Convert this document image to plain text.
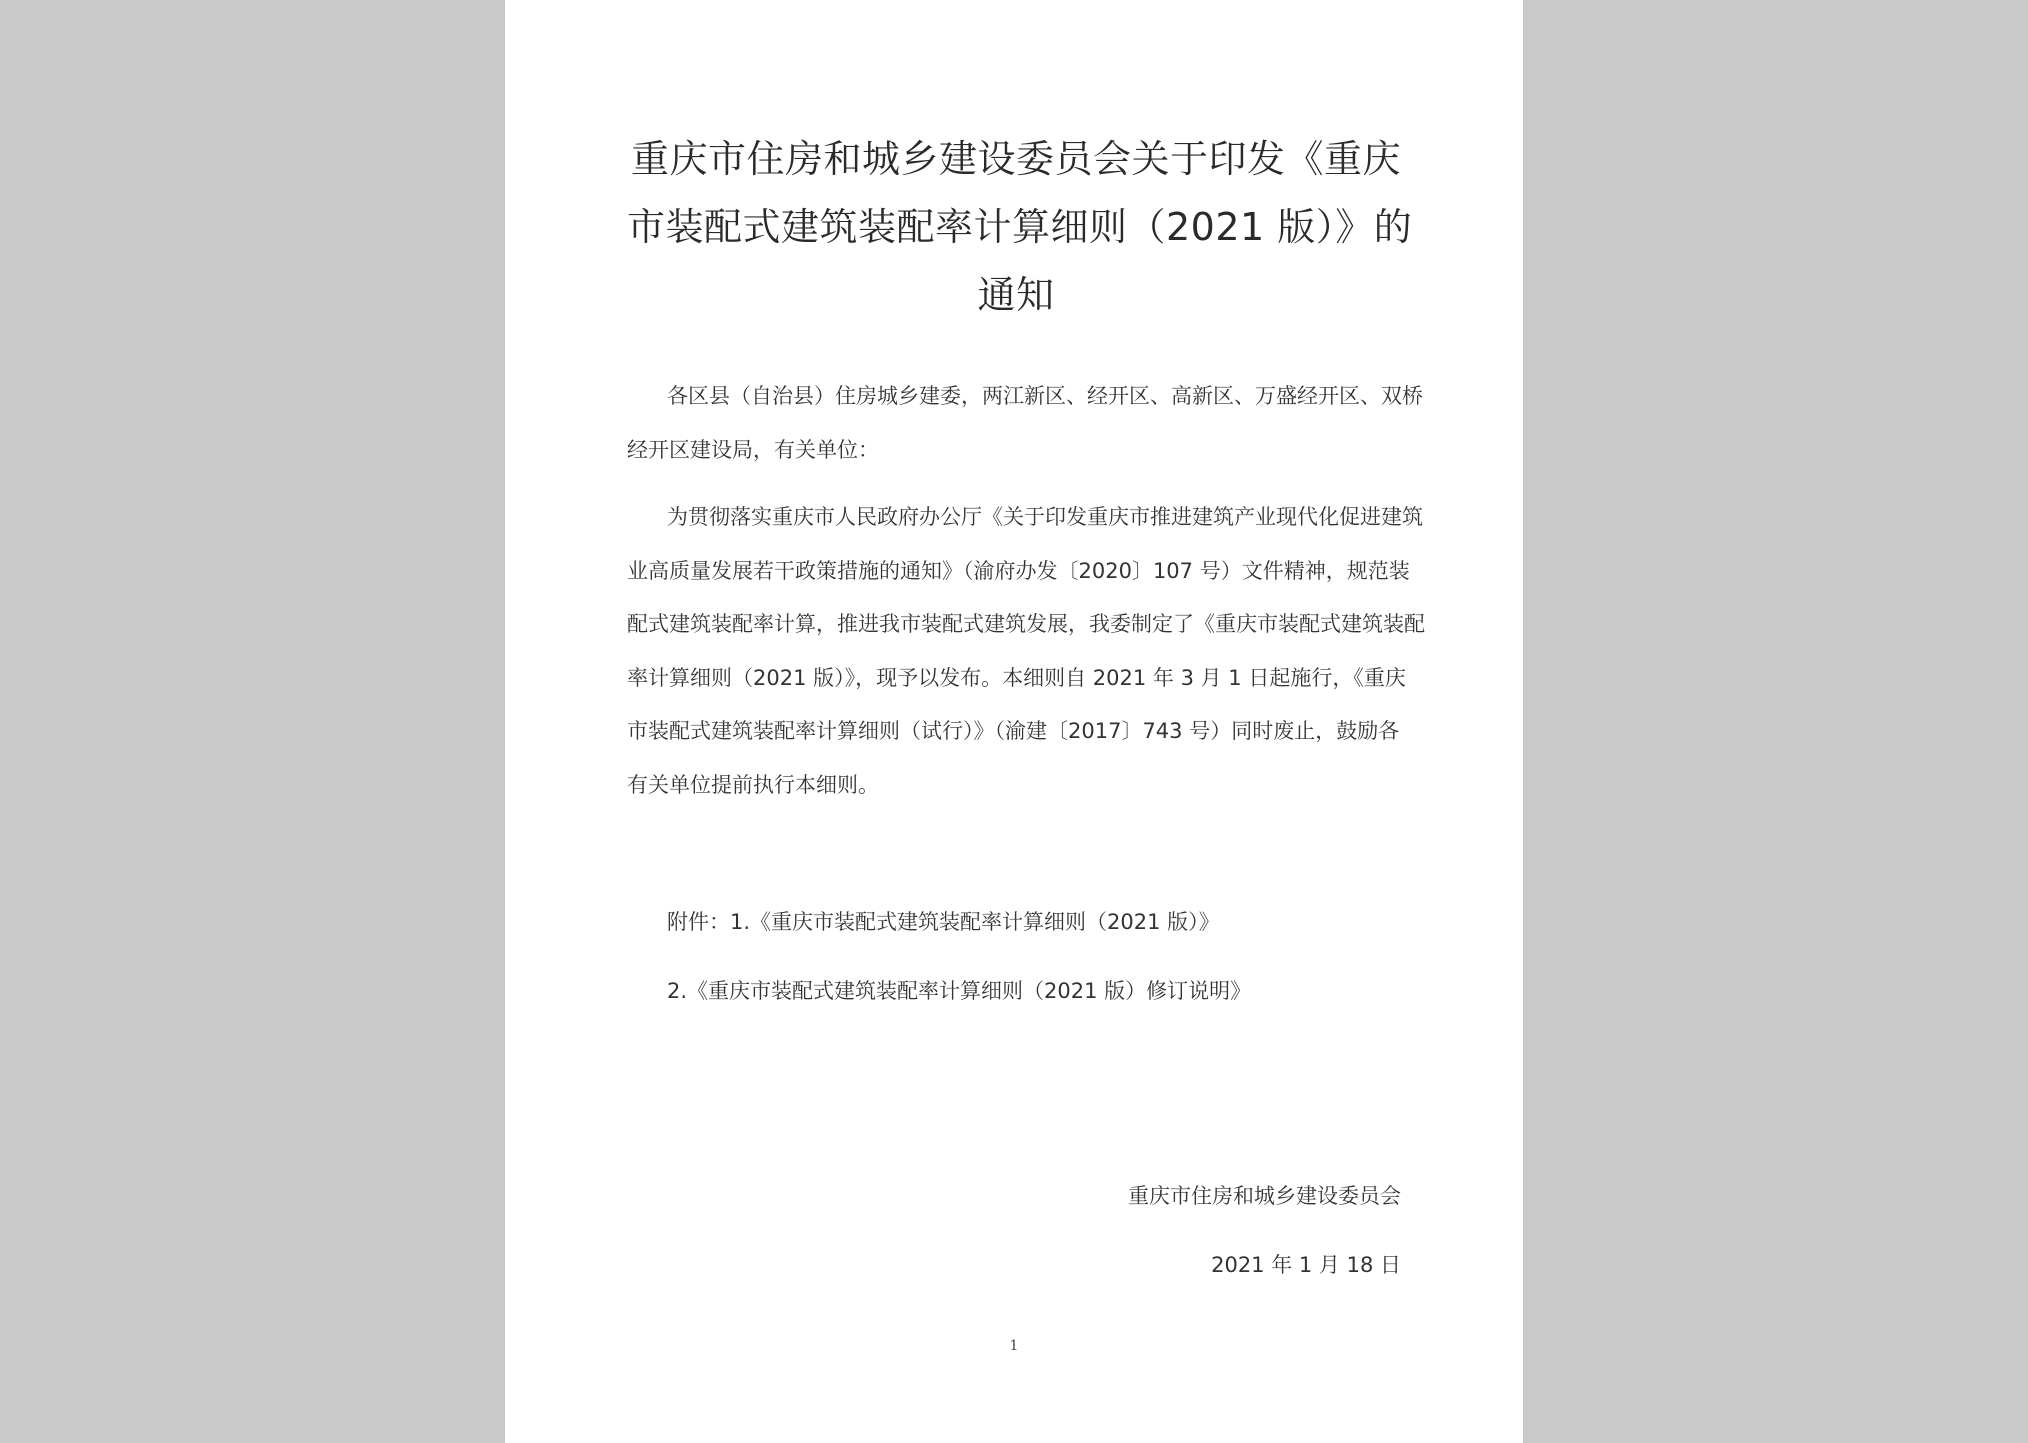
重庆市住房和城乡建设委员会关于印发《重庆
市装配式建筑装配率计算细则（2021 版）》的
通知
各区县（自治县）住房城乡建委，两江新区、经开区、高新区、万盛经开区、双桥
经开区建设局，有关单位：
为贯彻落实重庆市人民政府办公厅《关于印发重庆市推进建筑产业现代化促进建筑
业高质量发展若干政策措施的通知》（渝府办发〔2020〕107 号）文件精神，规范装
配式建筑装配率计算，推进我市装配式建筑发展，我委制定了《重庆市装配式建筑装配
率计算细则（2021 版）》，现予以发布。本细则自 2021 年 3 月 1 日起施行，《重庆
市装配式建筑装配率计算细则（试行）》（渝建〔2017〕743 号）同时废止，鼓励各
有关单位提前执行本细则。
附件：1.《重庆市装配式建筑装配率计算细则（2021 版）》
2.《重庆市装配式建筑装配率计算细则（2021 版）修订说明》
重庆市住房和城乡建设委员会
2021 年 1 月 18 日
1
